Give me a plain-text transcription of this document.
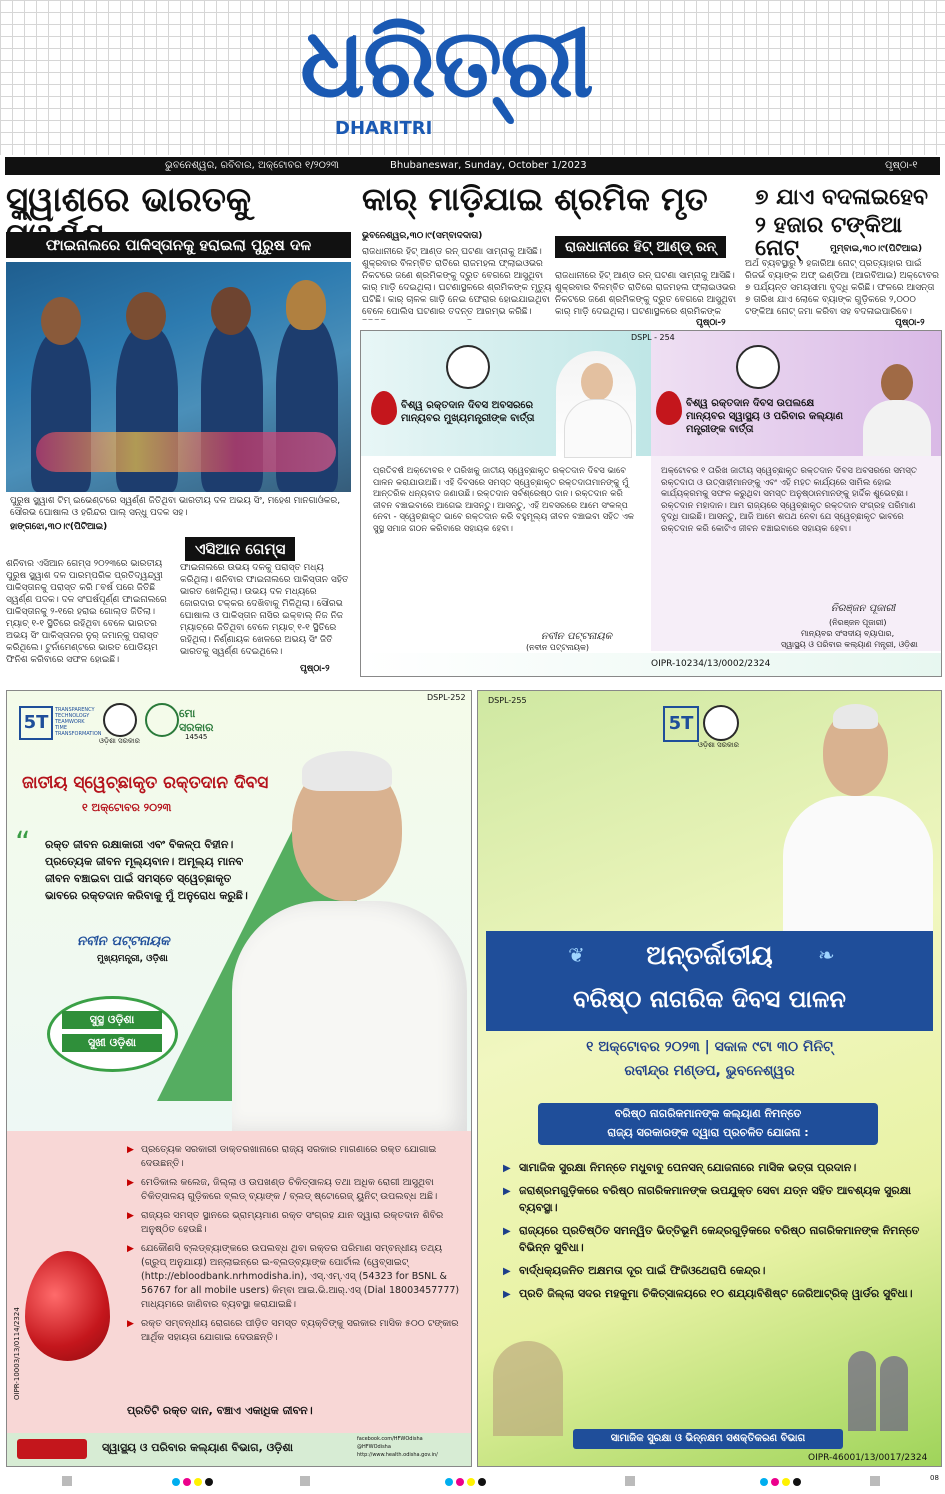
ଧରିତ୍ରୀ
DHARITRI
ଭୁବନେଶ୍ୱର, ରବିବାର, ଅକ୍ଟୋବର ୧/୨୦୨୩	Bhubaneswar, Sunday, October 1/2023	ପୃଷ୍ଠା-୧
ସ୍କ୍ୱାଶରେ ଭାରତକୁ
ଫାଇନାଲରେ ପାକିସ୍ତାନକୁ ହରାଇଲା ପୁରୁଷ ଦଳ
ପୁରୁଷ ସ୍କ୍ୱାଶ ଟିମ୍ ଇଭେଣ୍ଟରେ ସ୍ୱର୍ଣ୍ଣ ଜିତିଥିବା ଭାରତୀୟ ଦଳ ଅଭୟ ସିଂ, ମହେଶ ମାନଗାଓଁକର, ସୌରଭ ଘୋଷାଲ ଓ ହରିନ୍ଦର ପାଲ୍ ସନ୍ଧୁ ପଦକ ସହ।
ହାଙ୍ଗଝୋ,୩୦।୯(ପିଟିଆଇ)
ଏସିଆନ ଗେମ୍ସ
ଶନିବାର ଏସିଆନ ଗେମ୍ସ ୨୦୨୩ରେ ଭାରତୀୟ ପୁରୁଷ ସ୍କ୍ୱାଶ ଦଳ ପାରମ୍ପରିକ ପ୍ରତିଦ୍ୱନ୍ଦ୍ୱୀ ପାକିସ୍ତାନକୁ ପରାସ୍ତ କରି ୮ବର୍ଷ ପରେ ଜିତିଛି ସ୍ୱର୍ଣ୍ଣ ପଦକ। ଦଳ ସଂଘର୍ଷପୂର୍ଣ୍ଣ ଫାଇନାଲରେ ପାକିସ୍ତାନକୁ ୨-୧ରେ ହରାଇ ଗୋଲ୍ଡ ଜିତିଲା। ମ୍ୟାଚ୍ ୧-୧ ସ୍ଥିତିରେ ରହିଥିବା ବେଳେ ଭାରତର ଅଭୟ ସିଂ ପାକିସ୍ତାନର ନୁର୍ ଜମାନ୍‌କୁ ପରାସ୍ତ କରିଥିଲେ। ଟୁର୍ନାମେଣ୍ଟରେ ଭାରତ ପୋଡିୟମ ଫିନିଶ କରିବାରେ ସଫଳ ହୋଇଛି।
ଫାଇନାଲରେ ଉଭୟ ଦଳକୁ ପରାସ୍ତ ମଧ୍ୟ କରିଥିଲା। ଶନିବାର ଫାଇନାଲରେ ପାକିସ୍ତାନ ସହିତ ଭାରତ ଖେଳିଥିଲା। ଉଭୟ ଦଳ ମଧ୍ୟରେ ଜୋରଦାର ଟକ୍କର ଦେଖିବାକୁ ମିଳିଥିଲା। ସୌରଭ ଘୋଷାଲ ଓ ପାକିସ୍ତାନ ନାସିର ଇକ୍‌ବାଲ୍ ନିଜ ନିଜ ମ୍ୟାଚ୍‌ରେ ଜିତିଥିବା ବେଳେ ମ୍ୟାଚ୍ ୧-୧ ସ୍ଥିତିରେ ରହିଥିଲା। ନିର୍ଣ୍ଣାୟକ ଖେଳରେ ଅଭୟ ସିଂ ଜିତି ଭାରତକୁ ସ୍ୱର୍ଣ୍ଣ ଦେଇଥିଲେ।
ପୃଷ୍ଠା-୨
କାର୍ ମାଡ଼ିଯାଇ ଶ୍ରମିକ ମୃତ
ଭୁବନେଶ୍ୱର,୩୦।୯(ସମ୍ବାଦଦାତା)
ରାଜଧାନୀରେ ହିଟ୍ ଆଣ୍ଡ୍ ରନ୍
ରାଜଧାନୀରେ ହିଟ୍ ଆଣ୍ଡ ରନ୍ ଘଟଣା ସାମ୍ନାକୁ ଆସିଛି। ଶୁକ୍ରବାର ବିଳମ୍ବିତ ରାତିରେ ରାଜମହଲ ଫ୍ଲାଇଓଭର ନିକଟରେ ଜଣେ ଶ୍ରମିକଙ୍କୁ ଦ୍ରୁତ ବେଗରେ ଆସୁଥିବା କାର୍ ମାଡ଼ି ଦେଇଥିଲା। ଘଟଣାସ୍ଥଳରେ ଶ୍ରମିକଙ୍କ ମୃତ୍ୟୁ ଘଟିଛି। କାର୍ ଚାଳକ ଗାଡ଼ି ନେଇ ଫେରାର ହୋଇଯାଇଥିବା ବେଳେ ପୋଲିସ ଘଟଣାର ତଦନ୍ତ ଆରମ୍ଭ କରିଛି।
ରାଜଧାନୀରେ ହିଟ୍ ଆଣ୍ଡ ରନ୍ ଘଟଣା ସାମ୍ନାକୁ ଆସିଛି। ଶୁକ୍ରବାର ବିଳମ୍ବିତ ରାତିରେ ରାଜମହଲ ଫ୍ଲାଇଓଭର ନିକଟରେ ଜଣେ ଶ୍ରମିକଙ୍କୁ ଦ୍ରୁତ ବେଗରେ ଆସୁଥିବା କାର୍ ମାଡ଼ି ଦେଇଥିଲା। ଘଟଣାସ୍ଥଳରେ ଶ୍ରମିକଙ୍କ
ପୃଷ୍ଠା-୨
୭ ଯାଏ ବଦଳାଇହେବ
୨ ହଜାର ଟଙ୍କିଆ ନୋଟ୍	ମୁମ୍ବାଇ,୩୦।୯(ପିଟିଆଇ)
ଅର୍ଥ ବ୍ୟବସ୍ଥାରୁ ୨ ହଜାରିଆ ନୋଟ୍ ପ୍ରତ୍ୟାହାର ପାଇଁ ରିଜର୍ଭ ବ୍ୟାଙ୍କ ଅଫ୍ ଇଣ୍ଡିଆ (ଆରବିଆଇ) ଅକ୍ଟୋବର ୭ ପର୍ଯ୍ୟନ୍ତ ସମୟସୀମା ବୃଦ୍ଧି କରିଛି। ଫଳରେ ଆସନ୍ତା ୭ ତାରିଖ ଯାଏ ଲୋକେ ବ୍ୟାଙ୍କ ଗୁଡ଼ିକରେ ୨,୦୦୦ ଟଙ୍କିଆ ନୋଟ୍ ଜମା କରିବା ସହ ବଦଳାଇପାରିବେ।
ପୃଷ୍ଠା-୨
DSPL - 254
ବିଶ୍ୱ ରକ୍ତଦାନ ଦିବସ ଅବସରରେ ମାନ୍ୟବର ମୁଖ୍ୟମନ୍ତ୍ରୀଙ୍କ ବାର୍ତ୍ତା
ବିଶ୍ୱ ରକ୍ତଦାନ ଦିବସ ଉପଲକ୍ଷେ ମାନ୍ୟବର ସ୍ୱାସ୍ଥ୍ୟ ଓ ପରିବାର କଲ୍ୟାଣ ମନ୍ତ୍ରୀଙ୍କ ବାର୍ତ୍ତା
ପ୍ରତିବର୍ଷ ଅକ୍ଟୋବର ୧ ତାରିଖକୁ ଜାତୀୟ ସ୍ୱେଚ୍ଛାକୃତ ରକ୍ତଦାନ ଦିବସ ଭାବେ ପାଳନ କରାଯାଉଅଛି। ଏହି ଦିବସରେ ସମସ୍ତ ସ୍ୱେଚ୍ଛାକୃତ ରକ୍ତଦାତାମାନଙ୍କୁ ମୁଁ ଆନ୍ତରିକ ଧନ୍ୟବାଦ ଜଣାଉଛି। ରକ୍ତଦାନ ସର୍ବଶ୍ରେଷ୍ଠ ଦାନ। ରକ୍ତଦାନ କରି ଜୀବନ ବଞ୍ଚାଇବାରେ ଆଗେଇ ଆସନ୍ତୁ। ଆସନ୍ତୁ, ଏହି ଅବସରରେ ଆମେ ସଂକଳ୍ପ ନେବା - ସ୍ୱେଚ୍ଛାକୃତ ଭାବେ ରକ୍ତଦାନ କରି ବହୁମୂଲ୍ୟ ଜୀବନ ବଞ୍ଚାଇବା ସହିତ ଏକ ସୁସ୍ଥ ସମାଜ ଗଠନ କରିବାରେ ସହାୟକ ହେବା।
ଅକ୍ଟୋବର ୧ ତାରିଖ ଜାତୀୟ ସ୍ୱେଚ୍ଛାକୃତ ରକ୍ତଦାନ ଦିବସ ଅବସରରେ ସମସ୍ତ ରକ୍ତଦାତା ଓ ଉତ୍ସାହୀମାନଙ୍କୁ ଏବଂ ଏହି ମହତ କାର୍ଯ୍ୟରେ ସାମିଲ ହୋଇ କାର୍ଯ୍ୟକ୍ରମକୁ ସଫଳ କରୁଥିବା ସମସ୍ତ ଅନୁଷ୍ଠାନମାନଙ୍କୁ ହାର୍ଦ୍ଦିକ ଶୁଭେଚ୍ଛା। ରକ୍ତଦାନ ମହାଦାନ। ଆମ ରାଜ୍ୟରେ ସ୍ୱେଚ୍ଛାକୃତ ରକ୍ତଦାନ ସଂଗ୍ରହ ପରିମାଣ ବୃଦ୍ଧି ପାଇଛି। ଆସନ୍ତୁ, ଆଜି ଆମେ ଶପଥ ନେବା ଯେ ସ୍ୱେଚ୍ଛାକୃତ ଭାବରେ ରକ୍ତଦାନ କରି କୋଟିଏ ଜୀବନ ବଞ୍ଚାଇବାରେ ସହାୟକ ହେବା।
ନବୀନ ପଟ୍ଟନାୟକ
(ନବୀନ ପଟ୍ଟନାୟକ)
ନିରଞ୍ଜନ ପୂଜାରୀ
(ନିରଞ୍ଜନ ପୂଜାରୀ)
ମାନ୍ୟବର ସଂସଦୀୟ ବ୍ୟାପାର,
ସ୍ୱାସ୍ଥ୍ୟ ଓ ପରିବାର କଲ୍ୟାଣ ମନ୍ତ୍ରୀ, ଓଡ଼ିଶା
OIPR-10234/13/0002/2324
DSPL-252
5T
TRANSPARENCY TECHNOLOGY TEAMWORK TIME TRANSFORMATION
ଓଡ଼ିଶା ସରକାର
ମୋ ସରକାର
14545
ଜାତୀୟ ସ୍ୱେଚ୍ଛାକୃତ ରକ୍ତଦାନ ଦିବସ
୧ ଅକ୍ଟୋବର ୨୦୨୩
“ ରକ୍ତ ଜୀବନ ରକ୍ଷାକାରୀ ଏବଂ ବିକଳ୍ପ ବିହୀନ। ପ୍ରତ୍ୟେକ ଜୀବନ ମୂଲ୍ୟବାନ। ଅମୂଲ୍ୟ ମାନବ ଜୀବନ ବଞ୍ଚାଇବା ପାଇଁ ସମସ୍ତେ ସ୍ୱେଚ୍ଛାକୃତ ଭାବରେ ରକ୍ତଦାନ କରିବାକୁ ମୁଁ ଅନୁରୋଧ କରୁଛି।
ନବୀନ ପଟ୍ଟନାୟକ
ମୁଖ୍ୟମନ୍ତ୍ରୀ, ଓଡ଼ିଶା
ସୁସ୍ଥ ଓଡ଼ିଶା
ସୁଖୀ ଓଡ଼ିଶା
▶ ପ୍ରତ୍ୟେକ ସରକାରୀ ଡାକ୍ତରଖାନାରେ ରାଜ୍ୟ ସରକାର ମାଗଣାରେ ରକ୍ତ ଯୋଗାଇ ଦେଉଛନ୍ତି।
▶ ମେଡିକାଲ କଲେଜ, ଜିଲ୍ଲା ଓ ଉପଖଣ୍ଡ ଚିକିତ୍ସାଳୟ ତଥା ଅଧିକ ରୋଗୀ ଆସୁଥିବା ଚିକିତ୍ସାଳୟ ଗୁଡ଼ିକରେ ବ୍ଲଡ୍ ବ୍ୟାଙ୍କ / ବ୍ଲଡ୍ ଷ୍ଟୋରେଜ୍ ୟୁନିଟ୍ ଉପଲବ୍ଧ ଅଛି।
▶ ରାଜ୍ୟର ସମସ୍ତ ସ୍ଥାନରେ ଭ୍ରାମ୍ୟମାଣ ରକ୍ତ ସଂଗ୍ରହ ଯାନ ଦ୍ୱାରା ରକ୍ତଦାନ ଶିବିର ଅନୁଷ୍ଠିତ ହେଉଛି।
▶ ଯେକୌଣସି ବ୍ଲଡ୍‌ବ୍ୟାଙ୍କରେ ଉପଲବ୍ଧ ଥିବା ରକ୍ତର ପରିମାଣ ସମ୍ବନ୍ଧୀୟ ତଥ୍ୟ (ଗ୍ରୁପ୍ ଅନୁଯାୟୀ) ଅନ୍‌ଲାଇନ୍‌ରେ ଇ-ବ୍ଲଡ୍‌ବ୍ୟାଙ୍କ ପୋର୍ଟାଲ (ୱେବ୍‌ସାଇଟ୍ (http://ebloodbank.nrhmodisha.in), ଏସ୍.ଏମ୍.ଏସ୍ (54323 for BSNL & 56767 for all mobile users) କିମ୍ବା ଆଇ.ଭି.ଆର୍.ଏସ୍ (Dial 18003457777) ମାଧ୍ୟମରେ ଜାଣିବାର ବ୍ୟବସ୍ଥା କରାଯାଇଛି।
▶ ରକ୍ତ ସମ୍ବନ୍ଧୀୟ ରୋଗରେ ପୀଡ଼ିତ ସମସ୍ତ ବ୍ୟକ୍ତିଙ୍କୁ ସରକାର ମାସିକ ୫୦୦ ଟଙ୍କାର ଆର୍ଥିକ ସହାୟତା ଯୋଗାଇ ଦେଉଛନ୍ତି।
ପ୍ରତିଟି ରକ୍ତ ଦାନ, ବଞ୍ଚାଏ ଏକାଧିକ ଜୀବନ।
ସ୍ୱାସ୍ଥ୍ୟ ଓ ପରିବାର କଲ୍ୟାଣ ବିଭାଗ, ଓଡ଼ିଶା
facebook.com/HFWOdisha
@HFWOdisha
http://www.health.odisha.gov.in/
OIPR-10003/13/0114/2324
DSPL-255
5T
ଓଡ଼ିଶା ସରକାର
❦	❧
ଅନ୍ତର୍ଜାତୀୟ
ବରିଷ୍ଠ ନାଗରିକ ଦିବସ ପାଳନ
୧ ଅକ୍ଟୋବର ୨୦୨୩ | ସକାଳ ୯ଟା ୩୦ ମିନିଟ୍
ରବୀନ୍ଦ୍ର ମଣ୍ଡପ, ଭୁବନେଶ୍ୱର
ବରିଷ୍ଠ ନାଗରିକମାନଙ୍କ କଲ୍ୟାଣ ନିମନ୍ତେ
ରାଜ୍ୟ ସରକାରଙ୍କ ଦ୍ୱାରା ପ୍ରଚଳିତ ଯୋଜନା :
▶ ସାମାଜିକ ସୁରକ୍ଷା ନିମନ୍ତେ ମଧୁବାବୁ ପେନସନ୍ ଯୋଜନାରେ ମାସିକ ଭତ୍ତା ପ୍ରଦାନ।
▶ ଜରାଶ୍ରମଗୁଡ଼ିକରେ ବରିଷ୍ଠ ନାଗରିକମାନଙ୍କ ଉପଯୁକ୍ତ ସେବା ଯତ୍ନ ସହିତ ଆବଶ୍ୟକ ସୁରକ୍ଷା ବ୍ୟବସ୍ଥା।
▶ ରାଜ୍ୟରେ ପ୍ରତିଷ୍ଠିତ ସମନ୍ୱିତ ଭିତ୍ତିଭୂମି କେନ୍ଦ୍ରଗୁଡ଼ିକରେ ବରିଷ୍ଠ ନାଗରିକମାନଙ୍କ ନିମନ୍ତେ ବିଭିନ୍ନ ସୁବିଧା।
▶ ବାର୍ଦ୍ଧକ୍ୟଜନିତ ଅକ୍ଷମତା ଦୂର ପାଇଁ ଫିଜିଓଥେରାପି କେନ୍ଦ୍ର।
▶ ପ୍ରତି ଜିଲ୍ଲା ସଦର ମହକୁମା ଚିକିତ୍ସାଳୟରେ ୧୦ ଶଯ୍ୟାବିଶିଷ୍ଟ ଜେରିଆଟ୍ରିକ୍ ୱାର୍ଡର ସୁବିଧା।
ସାମାଜିକ ସୁରକ୍ଷା ଓ ଭିନ୍ନକ୍ଷମ ସଶକ୍ତିକରଣ ବିଭାଗ
OIPR-46001/13/0017/2324
08
